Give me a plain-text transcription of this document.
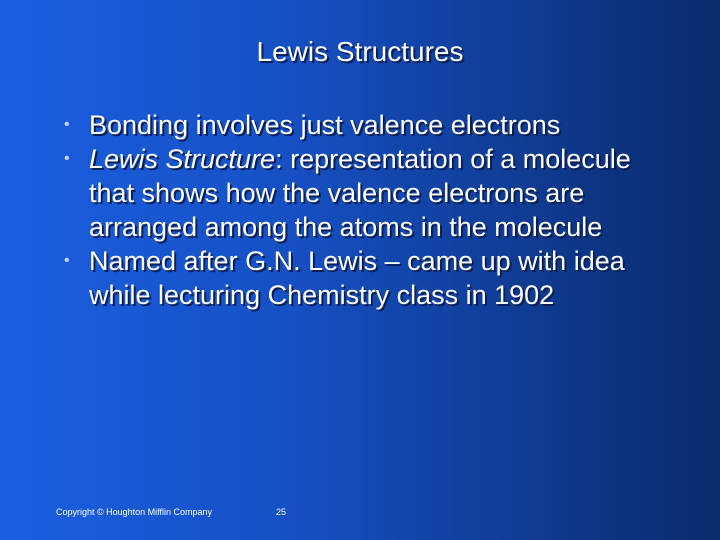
Lewis Structures
• Bonding involves just valence electrons
• Lewis Structure: representation of a molecule that shows how the valence electrons are arranged among the atoms in the molecule
• Named after G.N. Lewis – came up with idea while lecturing Chemistry class in 1902
Copyright © Houghton Mifflin Company	25
